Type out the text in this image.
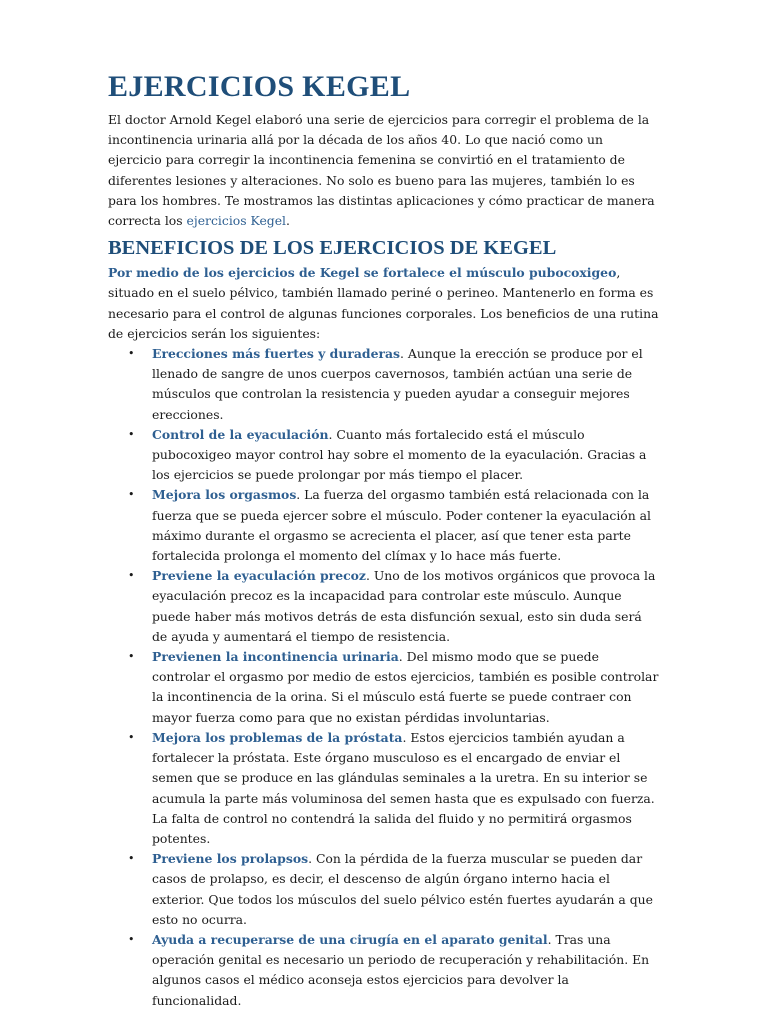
EJERCICIOS KEGEL

El doctor Arnold Kegel elaboró una serie de ejercicios para corregir el problema de la incontinencia urinaria allá por la década de los años 40. Lo que nació como un ejercicio para corregir la incontinencia femenina se convirtió en el tratamiento de diferentes lesiones y alteraciones. No solo es bueno para las mujeres, también lo es para los hombres. Te mostramos las distintas aplicaciones y cómo practicar de manera correcta los ejercicios Kegel.

BENEFICIOS DE LOS EJERCICIOS DE KEGEL

Por medio de los ejercicios de Kegel se fortalece el músculo pubocoxigeo, situado en el suelo pélvico, también llamado periné o perineo. Mantenerlo en forma es necesario para el control de algunas funciones corporales. Los beneficios de una rutina de ejercicios serán los siguientes:

• Erecciones más fuertes y duraderas. Aunque la erección se produce por el llenado de sangre de unos cuerpos cavernosos, también actúan una serie de músculos que controlan la resistencia y pueden ayudar a conseguir mejores erecciones.
• Control de la eyaculación. Cuanto más fortalecido está el músculo pubocoxigeo mayor control hay sobre el momento de la eyaculación. Gracias a los ejercicios se puede prolongar por más tiempo el placer.
• Mejora los orgasmos. La fuerza del orgasmo también está relacionada con la fuerza que se pueda ejercer sobre el músculo. Poder contener la eyaculación al máximo durante el orgasmo se acrecienta el placer, así que tener esta parte fortalecida prolonga el momento del clímax y lo hace más fuerte.
• Previene la eyaculación precoz. Uno de los motivos orgánicos que provoca la eyaculación precoz es la incapacidad para controlar este músculo. Aunque puede haber más motivos detrás de esta disfunción sexual, esto sin duda será de ayuda y aumentará el tiempo de resistencia.
• Previenen la incontinencia urinaria. Del mismo modo que se puede controlar el orgasmo por medio de estos ejercicios, también es posible controlar la incontinencia de la orina. Si el músculo está fuerte se puede contraer con mayor fuerza como para que no existan pérdidas involuntarias.
• Mejora los problemas de la próstata. Estos ejercicios también ayudan a fortalecer la próstata. Este órgano musculoso es el encargado de enviar el semen que se produce en las glándulas seminales a la uretra. En su interior se acumula la parte más voluminosa del semen hasta que es expulsado con fuerza. La falta de control no contendrá la salida del fluido y no permitirá orgasmos potentes.
• Previene los prolapsos. Con la pérdida de la fuerza muscular se pueden dar casos de prolapso, es decir, el descenso de algún órgano interno hacia el exterior. Que todos los músculos del suelo pélvico estén fuertes ayudarán a que esto no ocurra.
• Ayuda a recuperarse de una cirugía en el aparato genital. Tras una operación genital es necesario un periodo de recuperación y rehabilitación. En algunos casos el médico aconseja estos ejercicios para devolver la funcionalidad.
